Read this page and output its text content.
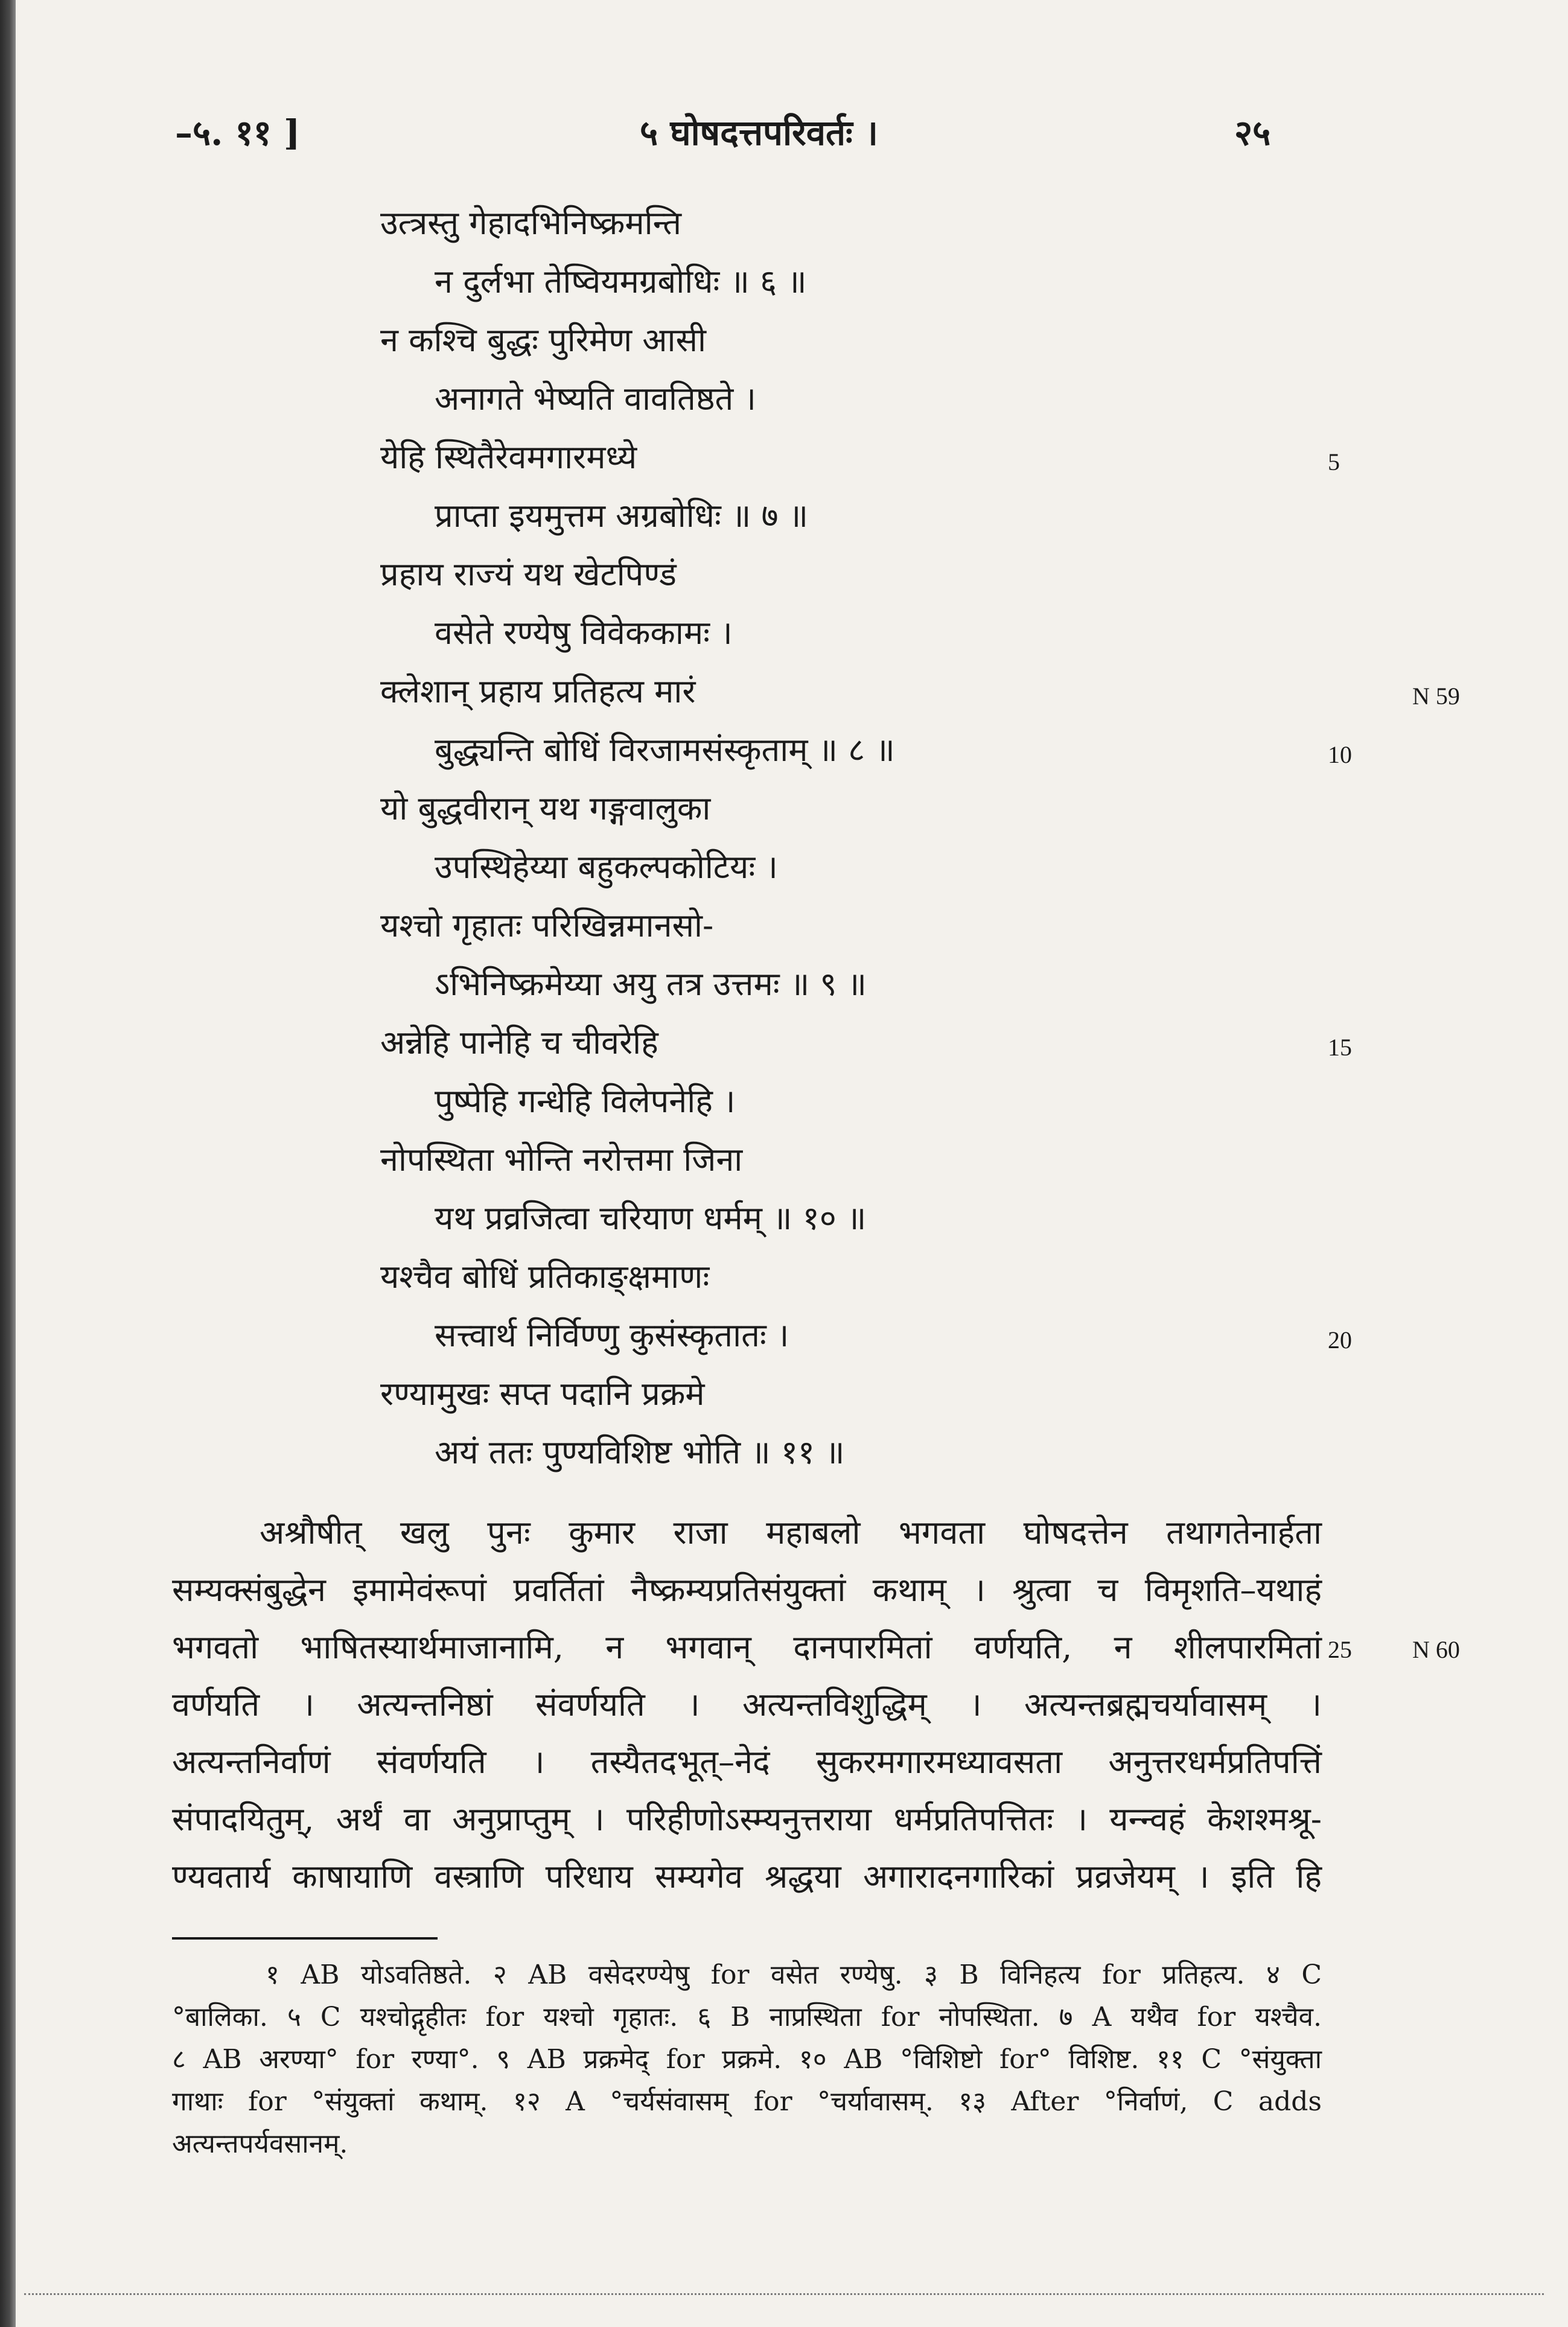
–५. ११ ]	५ घोषदत्तपरिवर्तः ।	२५
उत्त्रस्तु गेहादभिनिष्क्रमन्ति
न दुर्लभा तेष्वियमग्रबोधिः ॥ ६ ॥
न कश्चि बुद्धः पुरिमेण आसी
अनागते भेष्यति वावतिष्ठते ।
येहि स्थितैरेवमगारमध्ये
प्राप्ता इयमुत्तम अग्रबोधिः ॥ ७ ॥
प्रहाय राज्यं यथ खेटपिण्डं
वसेते रण्येषु विवेककामः ।
क्लेशान् प्रहाय प्रतिहत्य मारं
बुद्ध्यन्ति बोधिं विरजामसंस्कृताम् ॥ ८ ॥
यो बुद्धवीरान् यथ गङ्गवालुका
उपस्थिहेय्या बहुकल्पकोटियः ।
यश्चो गृहातः परिखिन्नमानसो-
ऽभिनिष्क्रमेय्या अयु तत्र उत्तमः ॥ ९ ॥
अन्नेहि पानेहि च चीवरेहि
पुष्पेहि गन्धेहि विलेपनेहि ।
नोपस्थिता भोन्ति नरोत्तमा जिना
यथ प्रव्रजित्वा चरियाण धर्मम् ॥ १० ॥
यश्चैव बोधिं प्रतिकाङ्क्षमाणः
सत्त्वार्थ निर्विण्णु कुसंस्कृतातः ।
रण्यामुखः सप्त पदानि प्रक्रमे
अयं ततः पुण्यविशिष्ट भोति ॥ ११ ॥
5
10
15
20
25
N 59
N 60
अश्रौषीत् खलु पुनः कुमार राजा महाबलो भगवता घोषदत्तेन तथागतेनार्हता
सम्यक्संबुद्धेन इमामेवंरूपां प्रवर्तितां नैष्क्रम्यप्रतिसंयुक्तां कथाम् । श्रुत्वा च विमृशति–यथाहं
भगवतो भाषितस्यार्थमाजानामि, न भगवान् दानपारमितां वर्णयति, न शीलपारमितां
वर्णयति । अत्यन्तनिष्ठां संवर्णयति । अत्यन्तविशुद्धिम् । अत्यन्तब्रह्मचर्यावासम् ।
अत्यन्तनिर्वाणं संवर्णयति । तस्यैतदभूत्–नेदं सुकरमगारमध्यावसता अनुत्तरधर्मप्रतिपत्तिं
संपादयितुम्, अर्थं वा अनुप्राप्तुम् । परिहीणोऽस्म्यनुत्तराया धर्मप्रतिपत्तितः । यन्न्वहं केशश्मश्रू-
ण्यवतार्य काषायाणि वस्त्राणि परिधाय सम्यगेव श्रद्धया अगारादनगारिकां प्रव्रजेयम् । इति हि
१ AB योऽवतिष्ठते. २ AB वसेदरण्येषु for वसेत रण्येषु. ३ B विनिहत्य for प्रतिहत्य. ४ C
°बालिका. ५ C यश्चोद्गृहीतः for यश्चो गृहातः. ६ B नाप्रस्थिता for नोपस्थिता. ७ A यथैव for यश्चैव.
८ AB अरण्या° for रण्या°. ९ AB प्रक्रमेद् for प्रक्रमे. १० AB °विशिष्टो for° विशिष्ट. ११ C °संयुक्ता
गाथाः for °संयुक्तां कथाम्. १२ A °चर्यसंवासम् for °चर्यावासम्. १३ After °निर्वाणं, C adds
अत्यन्तपर्यवसानम्.
